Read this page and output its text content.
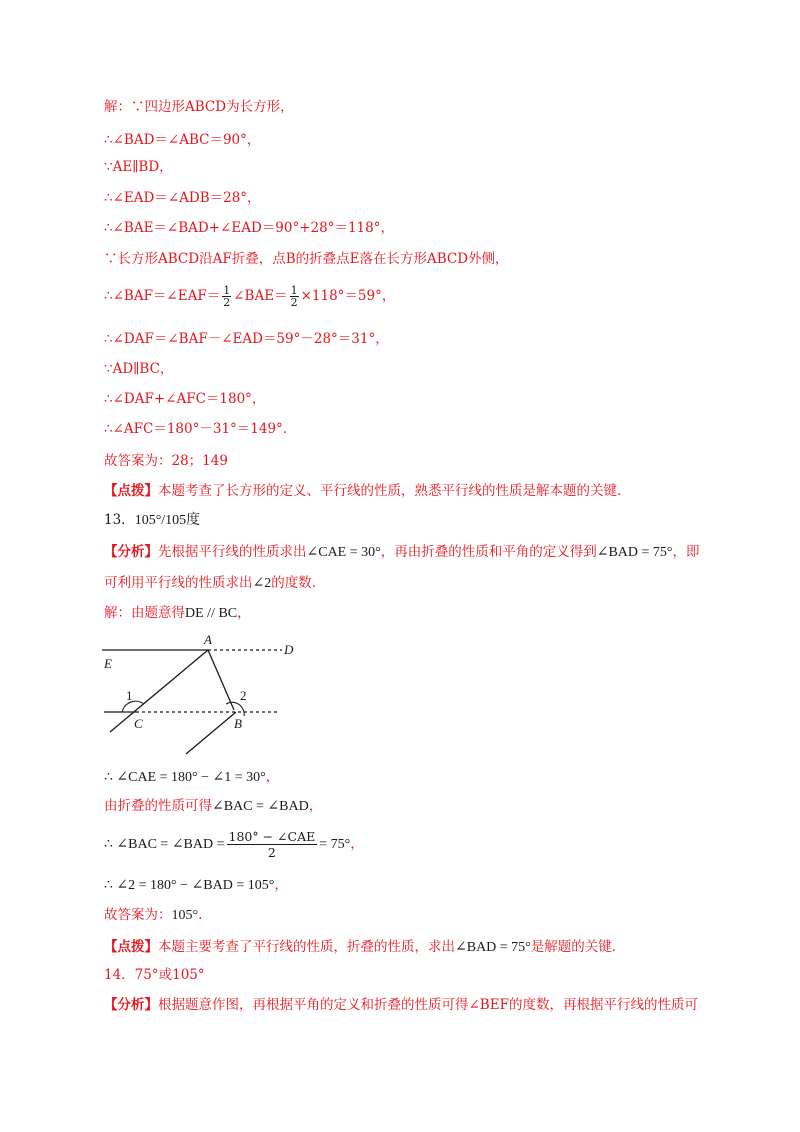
解：∵四边形ABCD为长方形，
∴∠BAD＝∠ABC＝90°，
∵AE∥BD，
∴∠EAD＝∠ADB＝28°，
∴∠BAE＝∠BAD+∠EAD＝90°+28°＝118°，
∵长方形ABCD沿AF折叠，点B的折叠点E落在长方形ABCD外侧，
∴∠BAF＝∠EAF＝ $\frac{1}{2}$ ∠BAE＝ $\frac{1}{2} \times 118^\circ=59^\circ$，
∴∠DAF＝∠BAF－∠EAD＝59°－28°＝31°，
∵AD∥BC，
∴∠DAF+∠AFC＝180°，
∴∠AFC＝180°－31°＝149°.
故答案为：28；149
【点拨】本题考查了长方形的定义、平行线的性质，熟悉平行线的性质是解本题的关键.
13．105°/105度
【分析】先根据平行线的性质求出∠CAE = 30°，再由折叠的性质和平角的定义得到∠BAD = 75°，即
可利用平行线的性质求出∠2的度数.
解：由题意得DE // BC，
A
D
E
1	2
C	B
∴ ∠CAE = 180° − ∠1 = 30°，
由折叠的性质可得∠BAC = ∠BAD，
∴ ∠BAC = ∠BAD = $\frac{\text{180° − ∠CAE}}{2} = 75^\circ$，
∴ ∠2 = 180° − ∠BAD = 105°，
故答案为：105°.
【点拨】本题主要考查了平行线的性质，折叠的性质，求出∠BAD = 75°是解题的关键.
14．75°或105°
【分析】根据题意作图，再根据平角的定义和折叠的性质可得∠BEF的度数，再根据平行线的性质可
